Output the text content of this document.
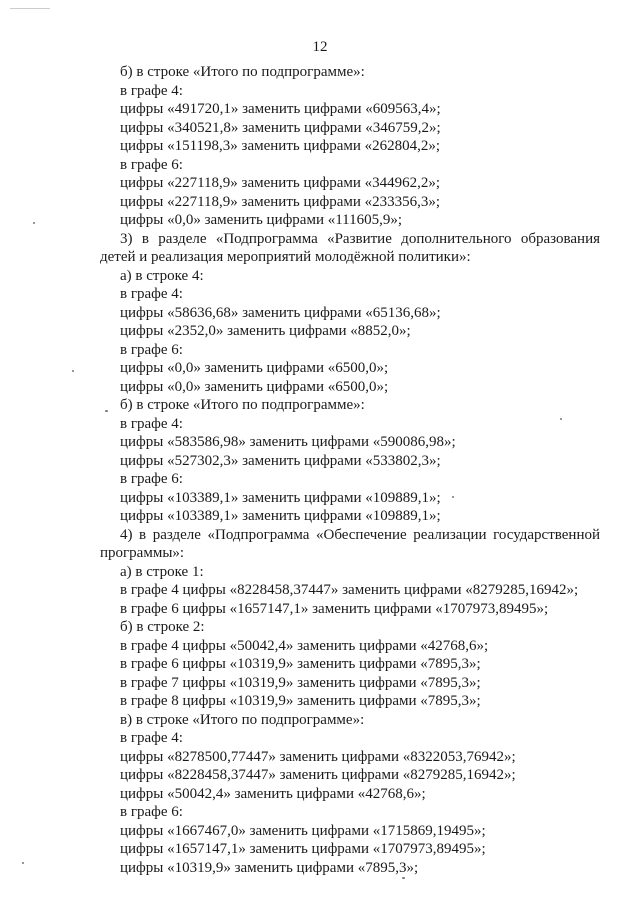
12
б) в строке «Итого по подпрограмме»:
в графе 4:
цифры «491720,1» заменить цифрами «609563,4»;
цифры «340521,8» заменить цифрами «346759,2»;
цифры «151198,3» заменить цифрами «262804,2»;
в графе 6:
цифры «227118,9» заменить цифрами «344962,2»;
цифры «227118,9» заменить цифрами «233356,3»;
цифры «0,0» заменить цифрами «111605,9»;
3) в разделе «Подпрограмма «Развитие дополнительного образования
детей и реализация мероприятий молодёжной политики»:
а) в строке 4:
в графе 4:
цифры «58636,68» заменить цифрами «65136,68»;
цифры «2352,0» заменить цифрами «8852,0»;
в графе 6:
цифры «0,0» заменить цифрами «6500,0»;
цифры «0,0» заменить цифрами «6500,0»;
б) в строке «Итого по подпрограмме»:
в графе 4:
цифры «583586,98» заменить цифрами «590086,98»;
цифры «527302,3» заменить цифрами «533802,3»;
в графе 6:
цифры «103389,1» заменить цифрами «109889,1»;
цифры «103389,1» заменить цифрами «109889,1»;
4) в разделе «Подпрограмма «Обеспечение реализации государственной
программы»:
а) в строке 1:
в графе 4 цифры «8228458,37447» заменить цифрами «8279285,16942»;
в графе 6 цифры «1657147,1» заменить цифрами «1707973,89495»;
б) в строке 2:
в графе 4 цифры «50042,4» заменить цифрами «42768,6»;
в графе 6 цифры «10319,9» заменить цифрами «7895,3»;
в графе 7 цифры «10319,9» заменить цифрами «7895,3»;
в графе 8 цифры «10319,9» заменить цифрами «7895,3»;
в) в строке «Итого по подпрограмме»:
в графе 4:
цифры «8278500,77447» заменить цифрами «8322053,76942»;
цифры «8228458,37447» заменить цифрами «8279285,16942»;
цифры «50042,4» заменить цифрами «42768,6»;
в графе 6:
цифры «1667467,0» заменить цифрами «1715869,19495»;
цифры «1657147,1» заменить цифрами «1707973,89495»;
цифры «10319,9» заменить цифрами «7895,3»;
